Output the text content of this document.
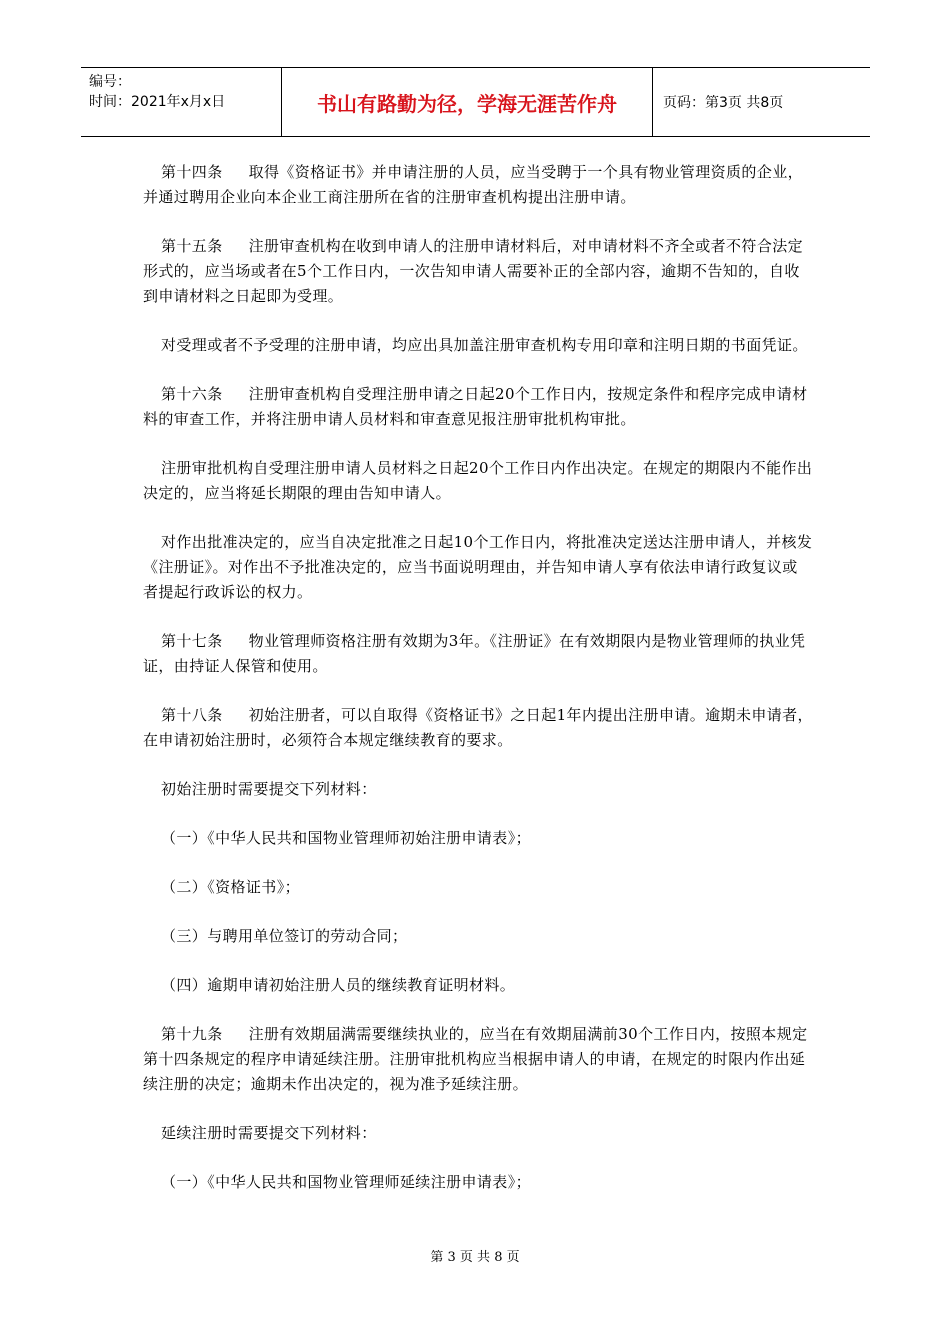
编号：
时间：2021年x月x日	书山有路勤为径，学海无涯苦作舟	页码：第3页 共8页

第十四条 取得《资格证书》并申请注册的人员，应当受聘于一个具有物业管理资质的企业，并通过聘用企业向本企业工商注册所在省的注册审查机构提出注册申请。

第十五条 注册审查机构在收到申请人的注册申请材料后，对申请材料不齐全或者不符合法定形式的，应当场或者在5个工作日内，一次告知申请人需要补正的全部内容，逾期不告知的，自收到申请材料之日起即为受理。

对受理或者不予受理的注册申请，均应出具加盖注册审查机构专用印章和注明日期的书面凭证。

第十六条 注册审查机构自受理注册申请之日起20个工作日内，按规定条件和程序完成申请材料的审查工作，并将注册申请人员材料和审查意见报注册审批机构审批。

注册审批机构自受理注册申请人员材料之日起20个工作日内作出决定。在规定的期限内不能作出决定的，应当将延长期限的理由告知申请人。

对作出批准决定的，应当自决定批准之日起10个工作日内，将批准决定送达注册申请人，并核发《注册证》。对作出不予批准决定的，应当书面说明理由，并告知申请人享有依法申请行政复议或者提起行政诉讼的权力。

第十七条 物业管理师资格注册有效期为3年。《注册证》在有效期限内是物业管理师的执业凭证，由持证人保管和使用。

第十八条 初始注册者，可以自取得《资格证书》之日起1年内提出注册申请。逾期未申请者，在申请初始注册时，必须符合本规定继续教育的要求。

初始注册时需要提交下列材料：

（一）《中华人民共和国物业管理师初始注册申请表》；

（二）《资格证书》；

（三）与聘用单位签订的劳动合同；

（四）逾期申请初始注册人员的继续教育证明材料。

第十九条 注册有效期届满需要继续执业的，应当在有效期届满前30个工作日内，按照本规定第十四条规定的程序申请延续注册。注册审批机构应当根据申请人的申请，在规定的时限内作出延续注册的决定；逾期未作出决定的，视为准予延续注册。

延续注册时需要提交下列材料：

（一）《中华人民共和国物业管理师延续注册申请表》；

第 3 页 共 8 页
